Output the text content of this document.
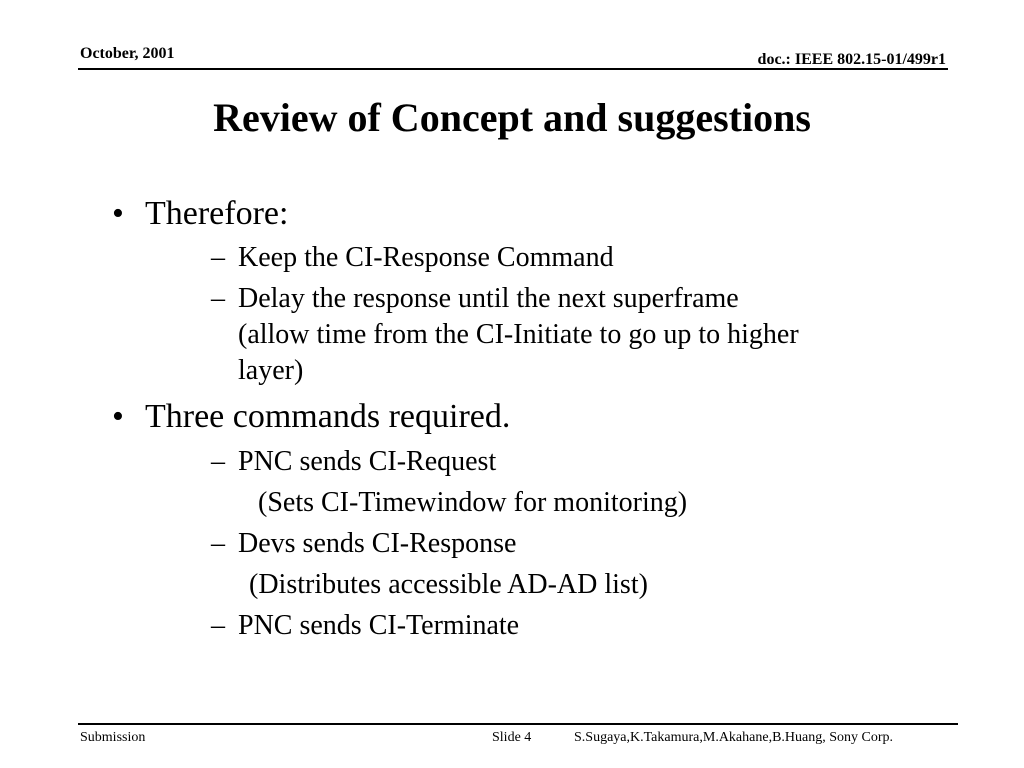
October, 2001	doc.: IEEE 802.15-01/499r1
Review of Concept and suggestions
• Therefore:
– Keep the CI-Response Command
– Delay the response until the next superframe
(allow time from the CI-Initiate to go up to higher
layer)
• Three commands required.
– PNC sends CI-Request
(Sets CI-Timewindow for monitoring)
– Devs sends CI-Response
(Distributes accessible AD-AD list)
– PNC sends CI-Terminate
Submission	Slide 4	S.Sugaya,K.Takamura,M.Akahane,B.Huang, Sony Corp.
